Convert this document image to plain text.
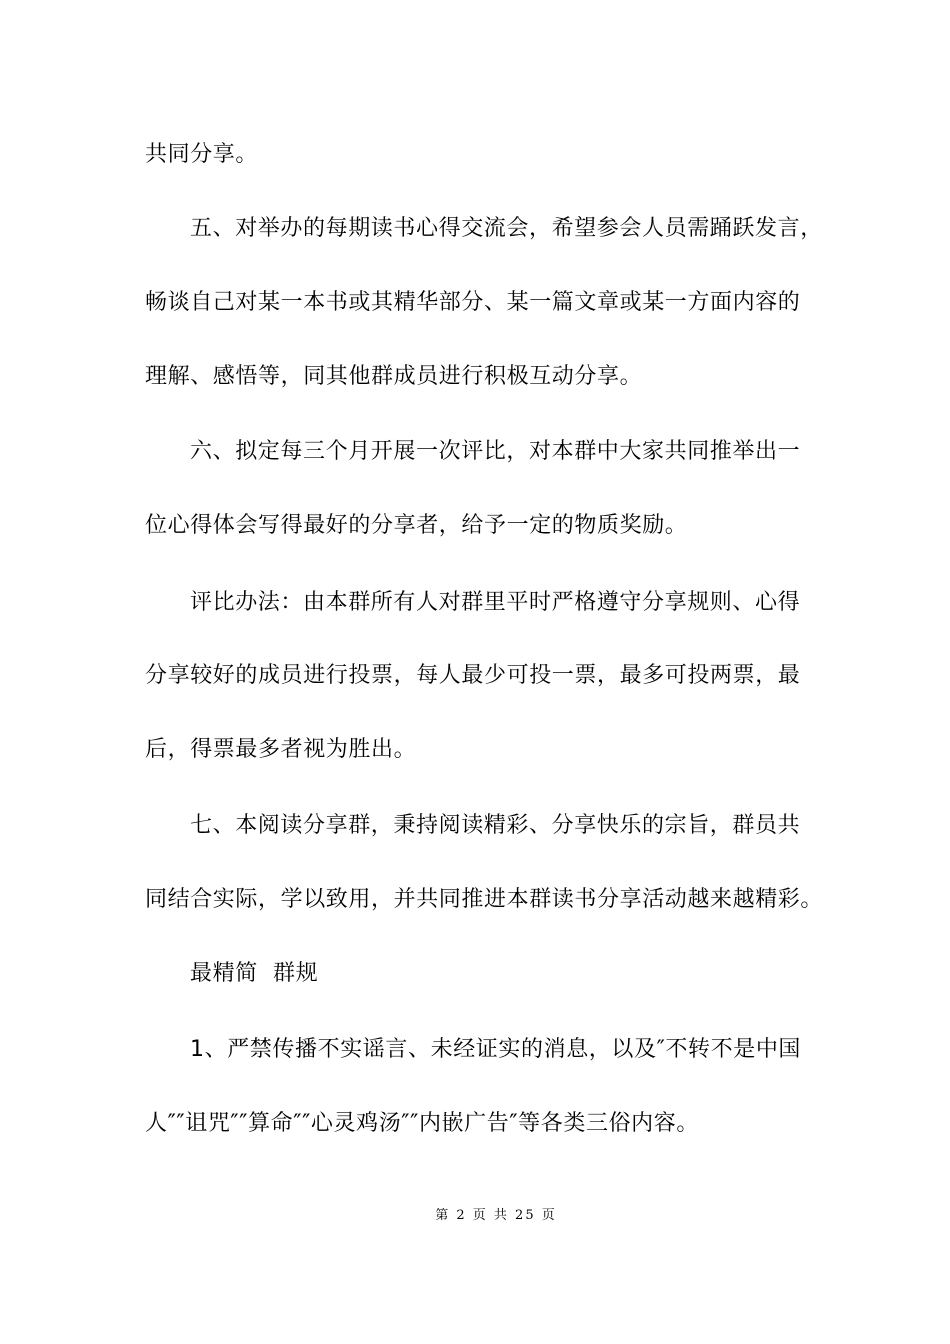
共同分享。
五、对举办的每期读书心得交流会，希望参会人员需踊跃发言，
畅谈自己对某一本书或其精华部分、某一篇文章或某一方面内容的
理解、感悟等，同其他群成员进行积极互动分享。
六、拟定每三个月开展一次评比，对本群中大家共同推举出一
位心得体会写得最好的分享者，给予一定的物质奖励。
评比办法：由本群所有人对群里平时严格遵守分享规则、心得
分享较好的成员进行投票，每人最少可投一票，最多可投两票，最
后，得票最多者视为胜出。
七、本阅读分享群，秉持阅读精彩、分享快乐的宗旨，群员共
同结合实际，学以致用，并共同推进本群读书分享活动越来越精彩。
最精简  群规
1、严禁传播不实谣言、未经证实的消息，以及″不转不是中国
人″″诅咒″″算命″″心灵鸡汤″″内嵌广告″等各类三俗内容。
第 2 页 共 25 页
